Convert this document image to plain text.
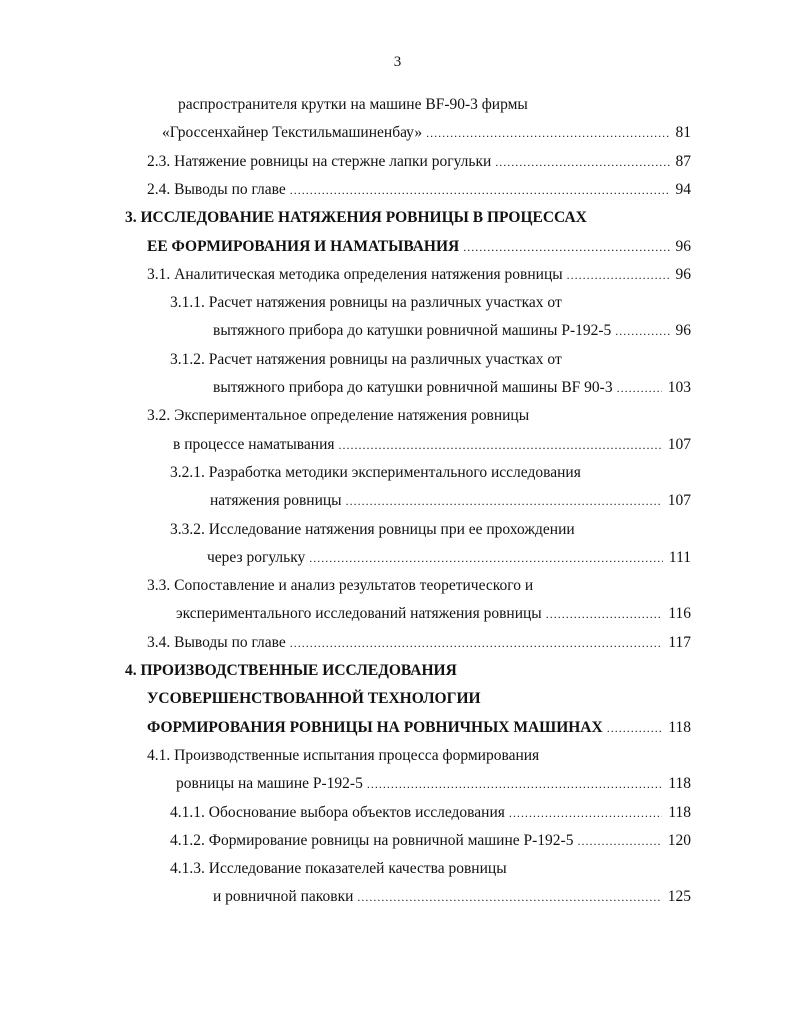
3
распространителя крутки на машине BF-90-3 фирмы
«Гроссенхайнер Текстильмашиненбау» .....	81
2.3. Натяжение ровницы на стержне лапки рогульки .....	87
2.4. Выводы по главе .....	94
3. ИССЛЕДОВАНИЕ НАТЯЖЕНИЯ РОВНИЦЫ В ПРОЦЕССАХ
ЕЕ ФОРМИРОВАНИЯ И НАМАТЫВАНИЯ .....	96
3.1. Аналитическая методика определения натяжения ровницы .....	96
3.1.1. Расчет натяжения ровницы на различных участках от
вытяжного прибора до катушки ровничной машины Р-192-5 .....	96
3.1.2. Расчет натяжения ровницы на различных участках от
вытяжного прибора до катушки ровничной машины BF 90-3 .....	103
3.2. Экспериментальное определение натяжения ровницы
в процессе наматывания .....	107
3.2.1. Разработка методики экспериментального исследования
натяжения ровницы .....	107
3.3.2. Исследование натяжения ровницы при ее прохождении
через рогульку .....	111
3.3. Сопоставление и анализ результатов теоретического и
экспериментального исследований натяжения ровницы .....	116
3.4. Выводы по главе .....	117
4. ПРОИЗВОДСТВЕННЫЕ ИССЛЕДОВАНИЯ
УСОВЕРШЕНСТВОВАННОЙ ТЕХНОЛОГИИ
ФОРМИРОВАНИЯ РОВНИЦЫ НА РОВНИЧНЫХ МАШИНАХ .....	118
4.1. Производственные испытания процесса формирования
ровницы на машине Р-192-5 .....	118
4.1.1. Обоснование выбора объектов исследования .....	118
4.1.2. Формирование ровницы на ровничной машине Р-192-5 .....	120
4.1.3. Исследование показателей качества ровницы
и ровничной паковки .....	125
